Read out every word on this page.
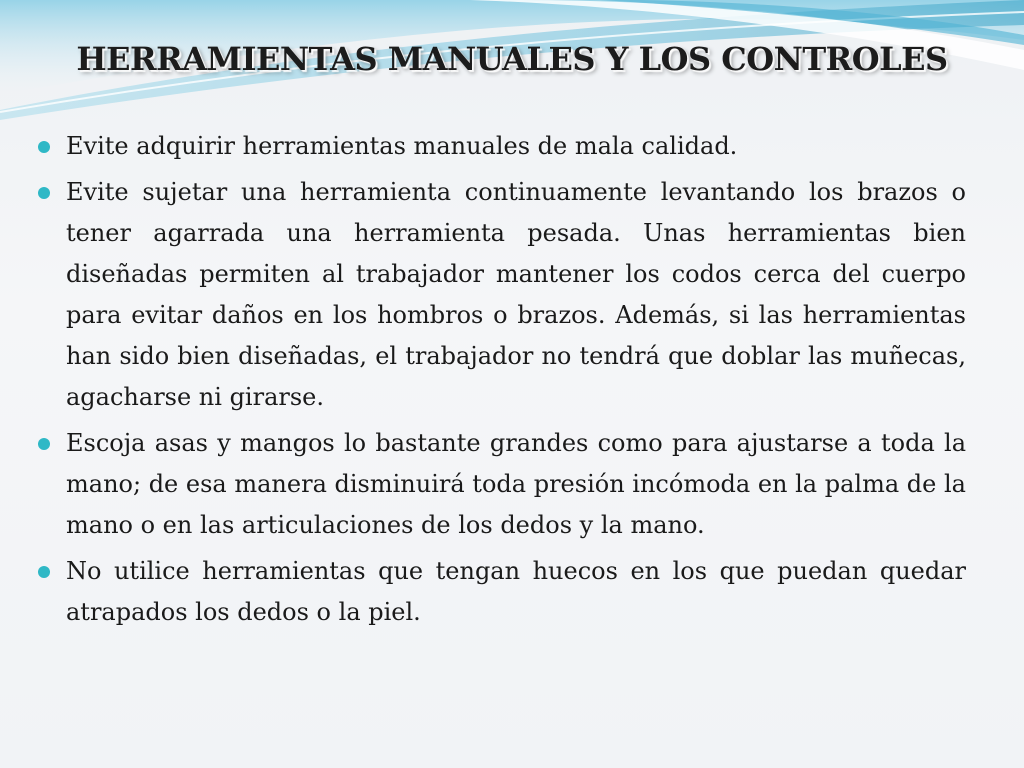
HERRAMIENTAS MANUALES Y LOS CONTROLES
Evite adquirir herramientas manuales de mala calidad.
Evite sujetar una herramienta continuamente levantando los brazos o tener agarrada una herramienta pesada. Unas herramientas bien diseñadas permiten al trabajador mantener los codos cerca del cuerpo para evitar daños en los hombros o brazos. Además, si las herramientas han sido bien diseñadas, el trabajador no tendrá que doblar las muñecas, agacharse ni girarse.
Escoja asas y mangos lo bastante grandes como para ajustarse a toda la mano; de esa manera disminuirá toda presión incómoda en la palma de la mano o en las articulaciones de los dedos y la mano.
No utilice herramientas que tengan huecos en los que puedan quedar atrapados los dedos o la piel.
